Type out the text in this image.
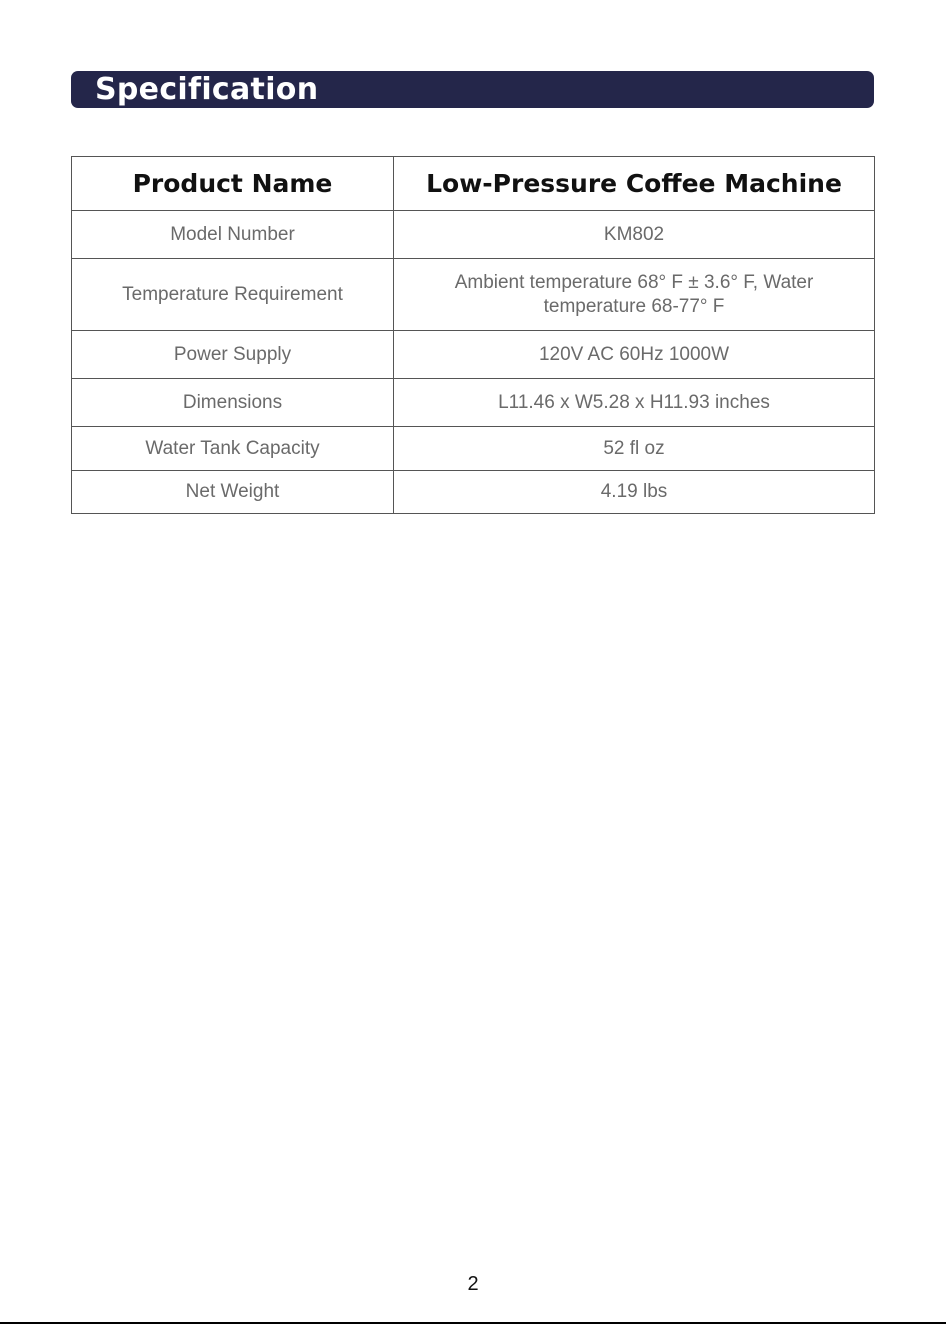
Specification
Product Name	Low-Pressure Coffee Machine
Model Number	KM802
Temperature Requirement	Ambient temperature 68° F ± 3.6° F, Water
temperature 68-77° F

Power Supply	120V AC 60Hz 1000W
Dimensions	L11.46 x W5.28 x H11.93 inches
Water Tank Capacity	52 fl oz
Net Weight	4.19 lbs
2
